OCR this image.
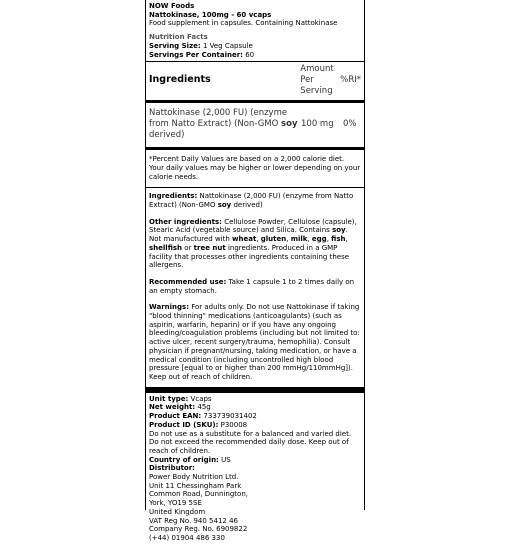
NOW Foods
Nattokinase, 100mg - 60 vcaps
Food supplement in capsules. Containing Nattokinase
Nutrition Facts
Serving Size: 1 Veg Capsule
Servings Per Container: 60
Ingredients	Amount Per Serving	%RI*
Nattokinase (2,000 FU) (enzyme from Natto Extract) (Non-GMO soy derived)	100 mg	0%
*Percent Daily Values are based on a 2,000 calorie diet. Your daily values may be higher or lower depending on your calorie needs.
Ingredients: Nattokinase (2,000 FU) (enzyme from Natto Extract) (Non-GMO soy derived)
Other ingredients: Cellulose Powder, Cellulose (capsule), Stearic Acid (vegetable source) and Silica. Contains soy. Not manufactured with wheat, gluten, milk, egg, fish, shellfish or tree nut ingredients. Produced in a GMP facility that processes other ingredients containing these allergens.
Recommended use: Take 1 capsule 1 to 2 times daily on an empty stomach.
Warnings: For adults only. Do not use Nattokinase if taking "blood thinning" medications (anticoagulants) (such as aspirin, warfarin, heparin) or if you have any ongoing bleeding/coagulation problems (including but not limited to: active ulcer, recent surgery/trauma, hemophilia). Consult physician if pregnant/nursing, taking medication, or have a medical condition (including uncontrolled high blood pressure [equal to or higher than 200 mmHg/110mmHg]). Keep out of reach of children.
Unit type: Vcaps
Net weight: 45g
Product EAN: 733739031402
Product ID (SKU): P30008
Do not use as a substitute for a balanced and varied diet. Do not exceed the recommended daily dose. Keep out of reach of children.
Country of origin: US
Distributor:
Power Body Nutrition Ltd.
Unit 11 Chessingham Park
Common Road, Dunnington,
York, YO19 5SE
United Kingdom
VAT Reg No. 940 5412 46
Company Reg. No. 6909822
(+44) 01904 486 330
